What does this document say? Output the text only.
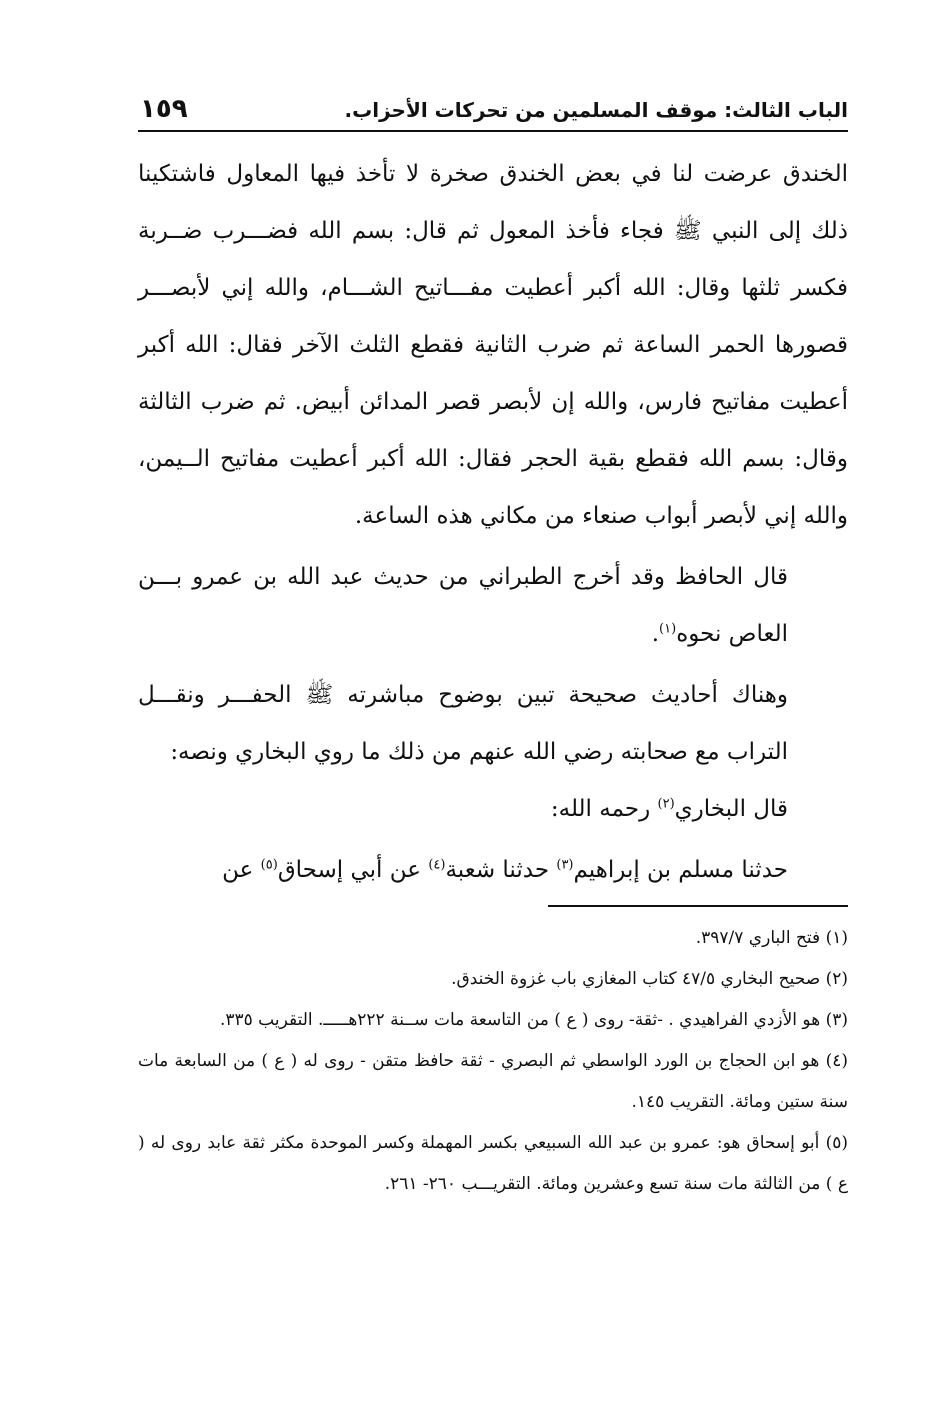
الباب الثالث: موقف المسلمين من تحركات الأحزاب.
١٥٩

الخندق عرضت لنا في بعض الخندق صخرة لا تأخذ فيها المعاول فاشتكينا ذلك إلى النبي ﷺ فجاء فأخذ المعول ثم قال: بسم الله فضـــرب ضــربة فكسر ثلثها وقال: الله أكبر أعطيت مفـــاتيح الشـــام، والله إني لأبصـــر قصورها الحمر الساعة ثم ضرب الثانية فقطع الثلث الآخر فقال: الله أكبر أعطيت مفاتيح فارس، والله إن لأبصر قصر المدائن أبيض. ثم ضرب الثالثة وقال: بسم الله فقطع بقية الحجر فقال: الله أكبر أعطيت مفاتيح الــيمن، والله إني لأبصر أبواب صنعاء من مكاني هذه الساعة.

قال الحافظ وقد أخرج الطبراني من حديث عبد الله بن عمرو بـــن العاص نحوه$^{(١)}$.

وهناك أحاديث صحيحة تبين بوضوح مباشرته ﷺ الحفـــر ونقـــل التراب مع صحابته رضي الله عنهم من ذلك ما روي البخاري ونصه:

قال البخاري$^{(٢)}$ رحمه الله:

حدثنا مسلم بن إبراهيم$^{(٣)}$ حدثنا شعبة$^{(٤)}$ عن أبي إسحاق$^{(٥)}$ عن

(١) فتح الباري ٣٩٧/٧.

(٢) صحيح البخاري ٤٧/٥ كتاب المغازي باب غزوة الخندق.

(٣) هو الأزدي الفراهيدي . -ثقة- روى ( ع ) من التاسعة مات ســنة ٢٢٢هـــــ. التقريب ٣٣٥.

(٤) هو ابن الحجاج بن الورد الواسطي ثم البصري - ثقة حافظ متقن - روى له ( ع ) من السابعة مات سنة ستين ومائة. التقريب ١٤٥.

(٥) أبو إسحاق هو: عمرو بن عبد الله السبيعي بكسر المهملة وكسر الموحدة مكثر ثقة عابد روى له ( ع ) من الثالثة مات سنة تسع وعشرين ومائة. التقريـــب ٢٦٠- ٢٦١.
